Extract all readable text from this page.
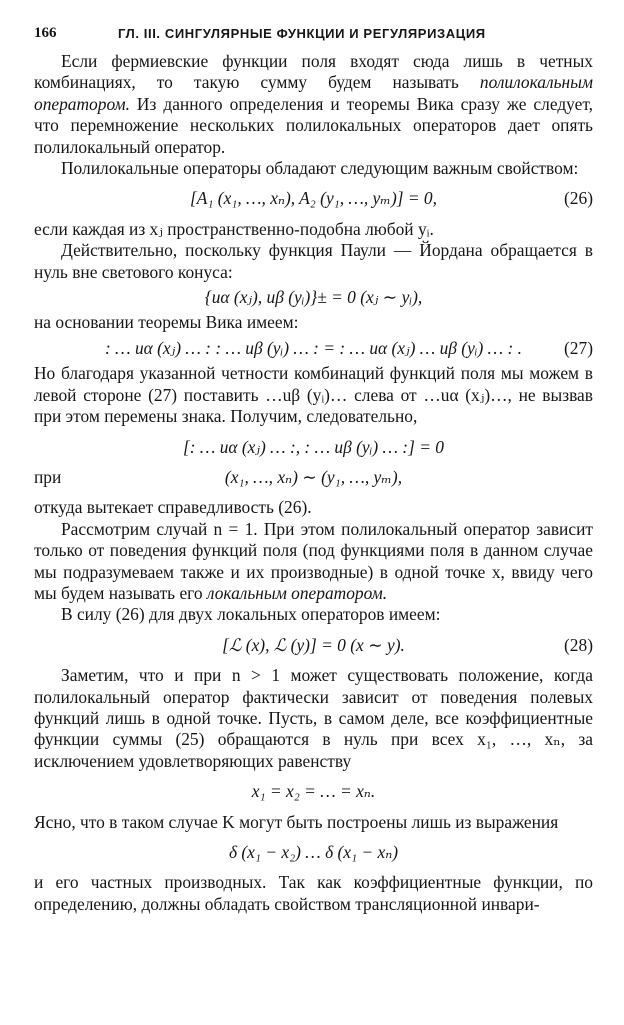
166	ГЛ. III. СИНГУЛЯРНЫЕ ФУНКЦИИ И РЕГУЛЯРИЗАЦИЯ

Если фермиевские функции поля входят сюда лишь в четных комбинациях, то такую сумму будем называть полилокальным оператором. Из данного определения и теоремы Вика сразу же следует, что перемножение нескольких полилокальных операторов дает опять полилокальный оператор.

Полилокальные операторы обладают следующим важным свойством:

[A₁ (x₁, …, xₙ), A₂ (y₁, …, yₘ)] = 0,	(26)

если каждая из xⱼ пространственно-подобна любой yᵢ.

Действительно, поскольку функция Паули — Йордана обращается в нуль вне светового конуса:

{uα (xⱼ), uβ (yᵢ)}± = 0 (xⱼ ∼ yᵢ),

на основании теоремы Вика имеем:

: … uα (xⱼ) … : : … uβ (yᵢ) … : = : … uα (xⱼ) … uβ (yᵢ) … : . (27)

Но благодаря указанной четности комбинаций функций поля мы можем в левой стороне (27) поставить …uβ (yᵢ)… слева от …uα (xⱼ)…, не вызвав при этом перемены знака. Получим, следовательно,

[: … uα (xⱼ) … :, : … uβ (yᵢ) … :] = 0
при	(x₁, …, xₙ) ∼ (y₁, …, yₘ),

откуда вытекает справедливость (26).

Рассмотрим случай n = 1. При этом полилокальный оператор зависит только от поведения функций поля (под функциями поля в данном случае мы подразумеваем также и их производные) в одной точке x, ввиду чего мы будем называть его локальным оператором.

В силу (26) для двух локальных операторов имеем:

[ℒ (x), ℒ (y)] = 0 (x ∼ y).	(28)

Заметим, что и при n > 1 может существовать положение, когда полилокальный оператор фактически зависит от поведения полевых функций лишь в одной точке. Пусть, в самом деле, все коэффициентные функции суммы (25) обращаются в нуль при всех x₁, …, xₙ, за исключением удовлетворяющих равенству

x₁ = x₂ = … = xₙ.

Ясно, что в таком случае K могут быть построены лишь из выражения

δ (x₁ − x₂) … δ (x₁ − xₙ)

и его частных производных. Так как коэффициентные функции, по определению, должны обладать свойством трансляционной инвари-
